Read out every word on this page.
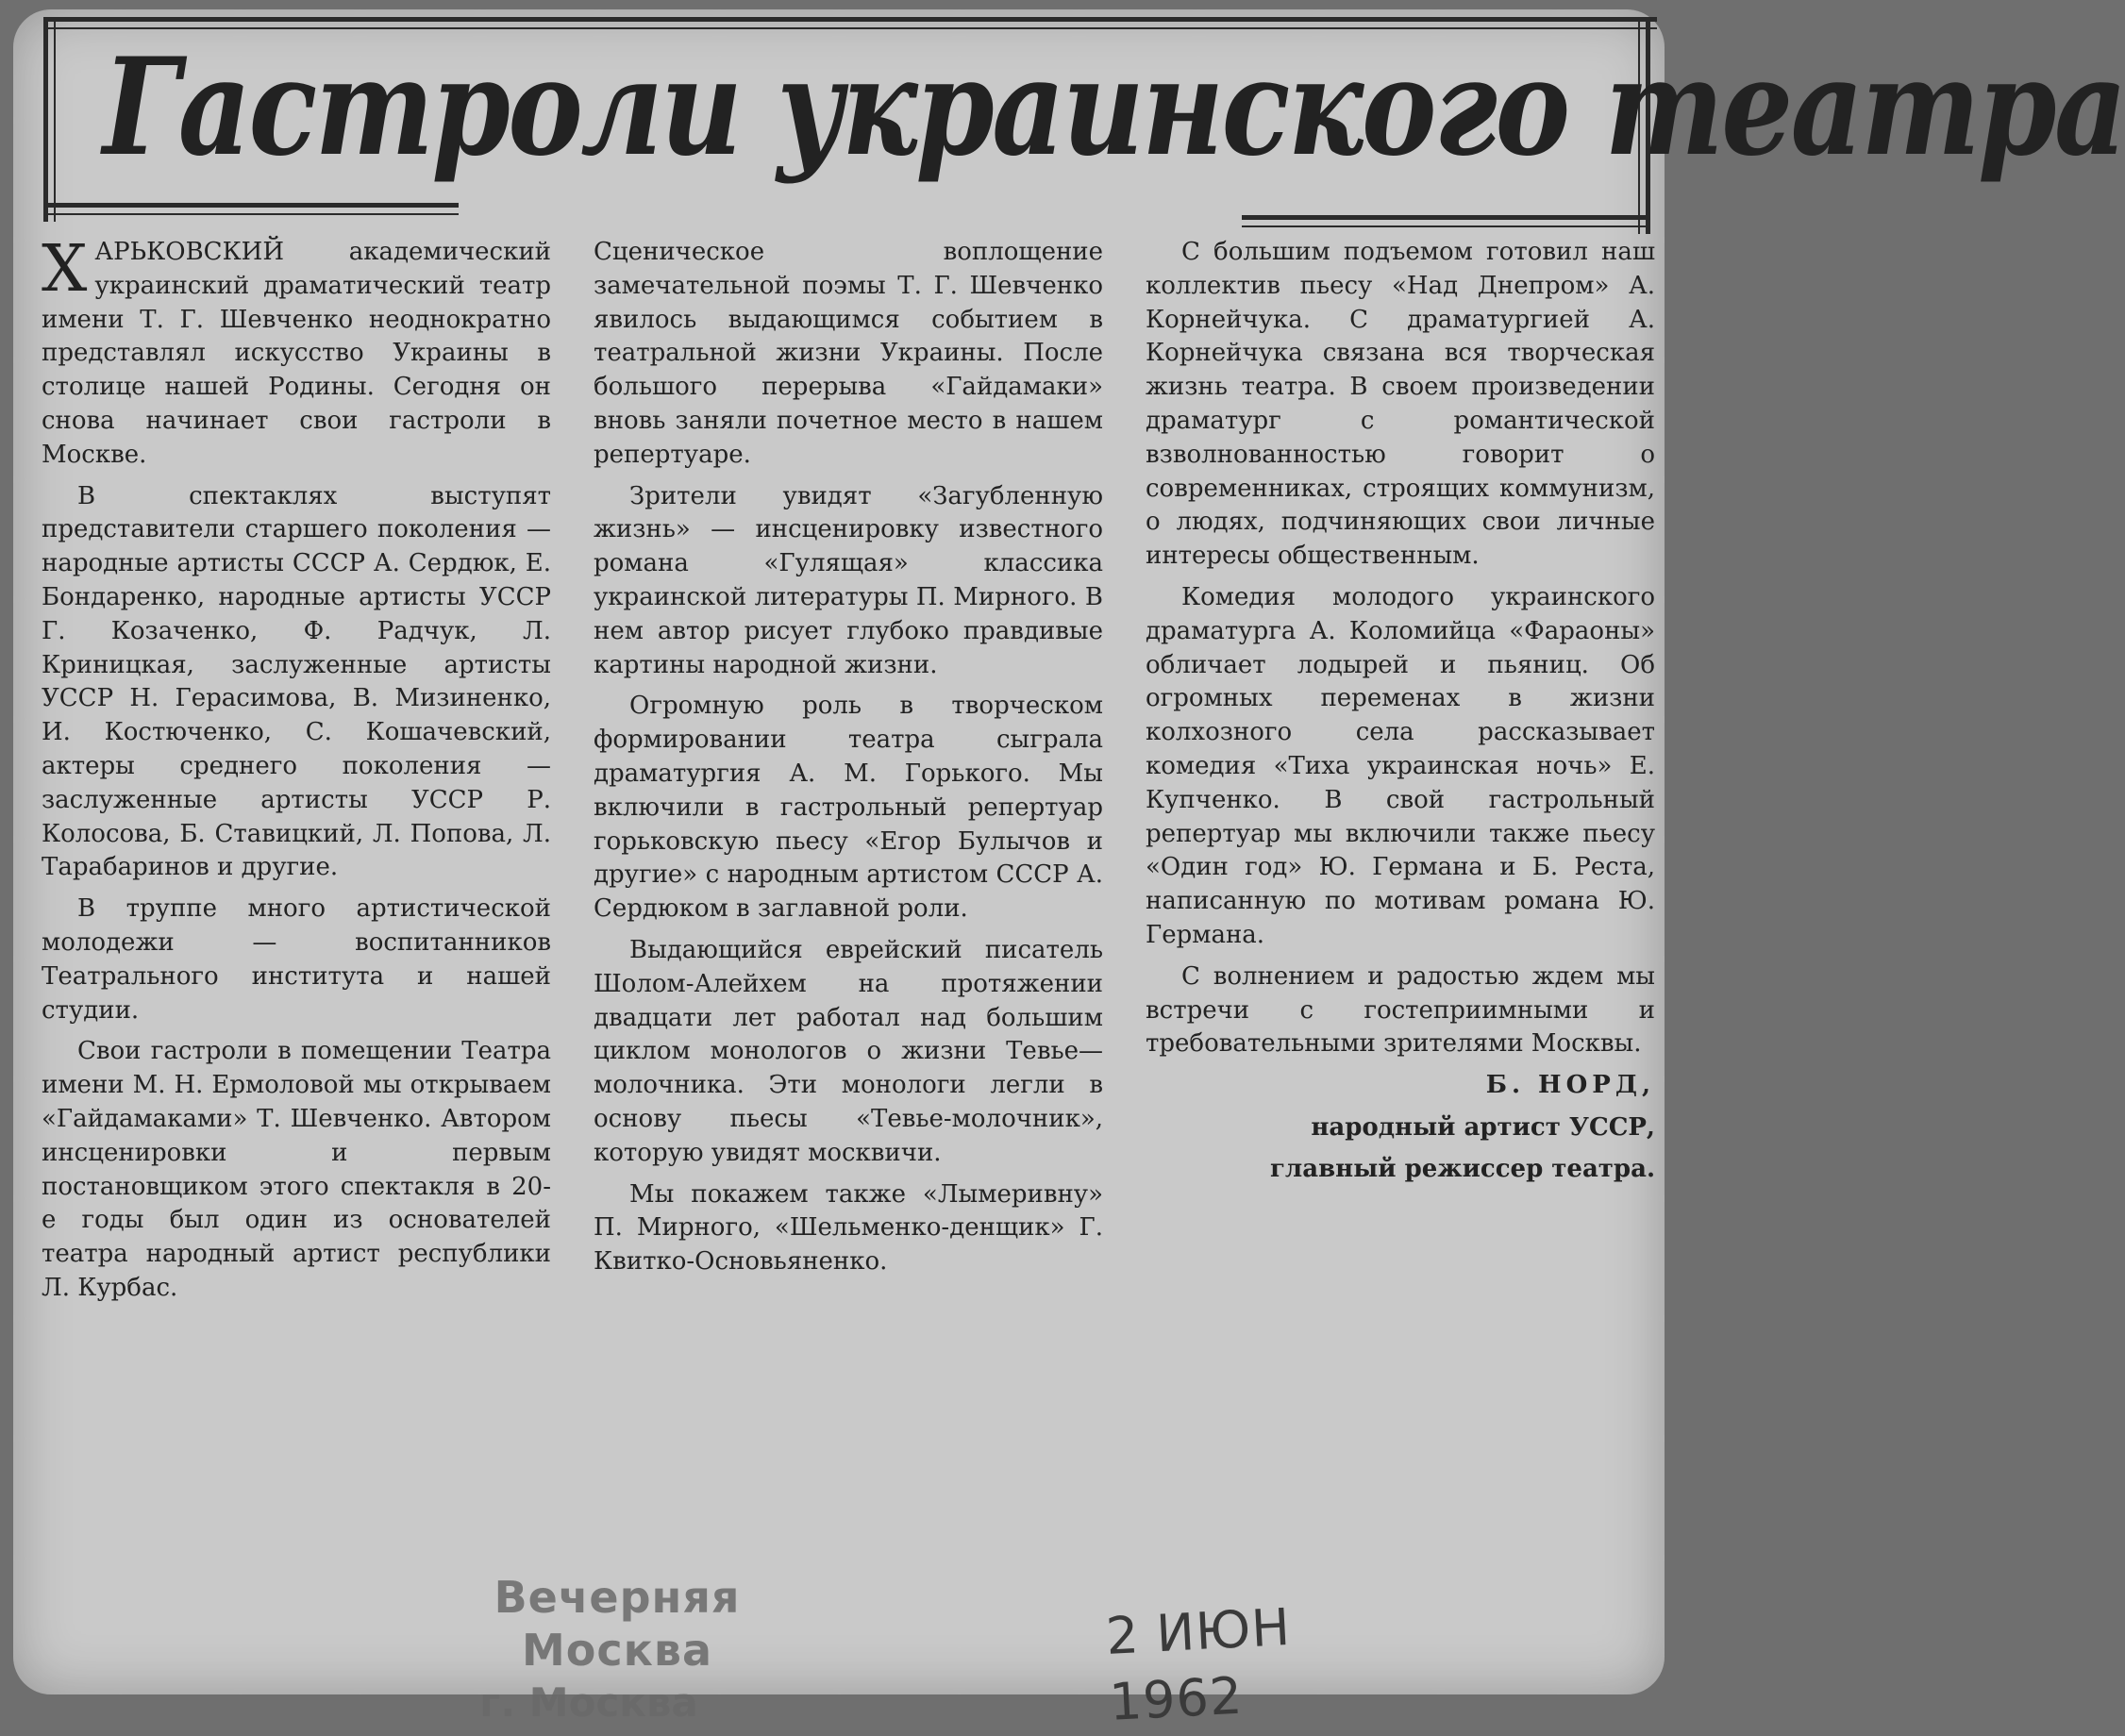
Гастроли украинского театра

ХАРЬКОВСКИЙ академический украинский драматический театр имени Т. Г. Шевченко неоднократно представлял искусство Украины в столице нашей Родины. Сегодня он снова начинает свои гастроли в Москве.

В спектаклях выступят представители старшего поколения — народные артисты СССР А. Сердюк, Е. Бондаренко, народные артисты УССР Г. Козаченко, Ф. Радчук, Л. Криницкая, заслуженные артисты УССР Н. Герасимова, В. Мизиненко, И. Костюченко, С. Кошачевский, актеры среднего поколения —заслуженные артисты УССР Р. Колосова, Б. Ставицкий, Л. Попова, Л. Тарабаринов и другие.

В труппе много артистической молодежи — воспитанников Театрального института и нашей студии.

Свои гастроли в помещении Театра имени М. Н. Ермоловой мы открываем «Гайдамаками» Т. Шевченко. Автором инсценировки и первым постановщиком этого спектакля в 20-е годы был один из основателей театра народный артист республики Л. Курбас.

Сценическое воплощение замечательной поэмы Т. Г. Шевченко явилось выдающимся событием в театральной жизни Украины. После большого перерыва «Гайдамаки» вновь заняли почетное место в нашем репертуаре.

Зрители увидят «Загубленную жизнь» — инсценировку известного романа «Гулящая» классика украинской литературы П. Мирного. В нем автор рисует глубоко правдивые картины народной жизни.

Огромную роль в творческом формировании театра сыграла драматургия А. М. Горького. Мы включили в гастрольный репертуар горьковскую пьесу «Егор Булычов и другие» с народным артистом СССР А. Сердюком в заглавной роли.

Выдающийся еврейский писатель Шолом-Алейхем на протяжении двадцати лет работал над большим циклом монологов о жизни Тевье—молочника. Эти монологи легли в основу пьесы «Тевье-молочник», которую увидят москвичи.

Мы покажем также «Лымеривну» П. Мирного, «Шельменко-денщик» Г. Квитко-Основьяненко.

С большим подъемом готовил наш коллектив пьесу «Над Днепром» А. Корнейчука. С драматургией А. Корнейчука связана вся творческая жизнь театра. В своем произведении драматург с романтической взволнованностью говорит о современниках, строящих коммунизм, о людях, подчиняющих свои личные интересы общественным.

Комедия молодого украинского драматурга А. Коломийца «Фараоны» обличает лодырей и пьяниц. Об огромных переменах в жизни колхозного села рассказывает комедия «Тиха украинская ночь» Е. Купченко. В свой гастрольный репертуар мы включили также пьесу «Один год» Ю. Германа и Б. Реста, написанную по мотивам романа Ю. Германа.

С волнением и радостью ждем мы встречи с гостеприимными и требовательными зрителями Москвы.

Б. НОРД,

народный артист УССР,

главный режиссер театра.

Вечерняя Москва
г. Москва
2 ИЮН 1962
